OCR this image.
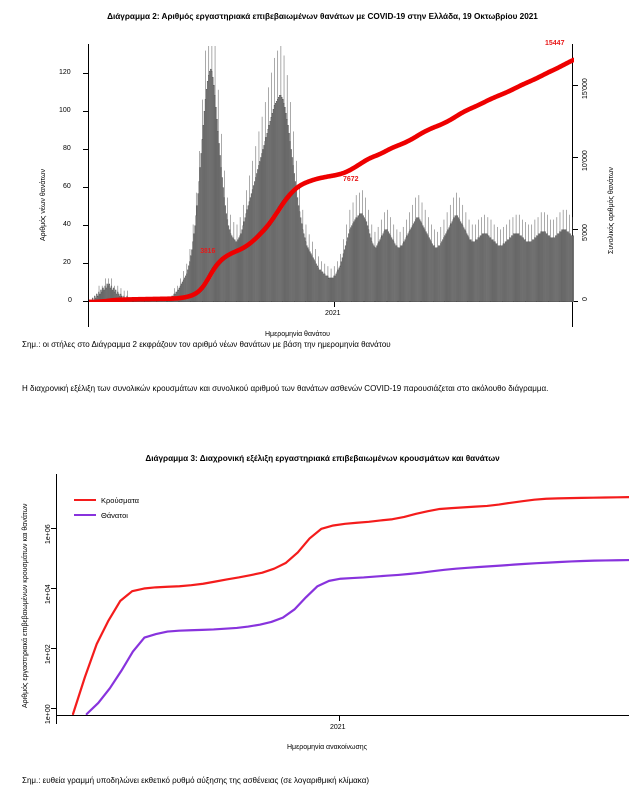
Διάγραμμα 2: Αριθμός εργαστηριακά επιβεβαιωμένων θανάτων με COVID-19 στην Ελλάδα, 19 Οκτωβρίου 2021
0
20
40
60
80
100
120
0
5'000
10'000
15'000
2021
15447
3816
7672
Ημερομηνία θανάτου
Αριθμός νέων θανάτων	Συνολικός αριθμός θανάτων
Σημ.: οι στήλες στο Διάγραμμα 2 εκφράζουν τον αριθμό νέων θανάτων με βάση την ημερομηνία θανάτου
Η διαχρονική εξέλιξη των συνολικών κρουσμάτων και συνολικού αριθμού των θανάτων ασθενών COVID-19 παρουσιάζεται στο ακόλουθο διάγραμμα.
Διάγραμμα 3: Διαχρονική εξέλιξη εργαστηριακά επιβεβαιωμένων κρουσμάτων και θανάτων
1e+00
1e+02
1e+04
1e+06
2021
Κρούσματα
Θάνατοι
Ημερομηνία ανακοίνωσης
Αριθμός εργαστηριακά επιβεβαιωμένων κρουσμάτων και θανάτων
Σημ.: ευθεία γραμμή υποδηλώνει εκθετικό ρυθμό αύξησης της ασθένειας (σε λογαριθμική κλίμακα)
